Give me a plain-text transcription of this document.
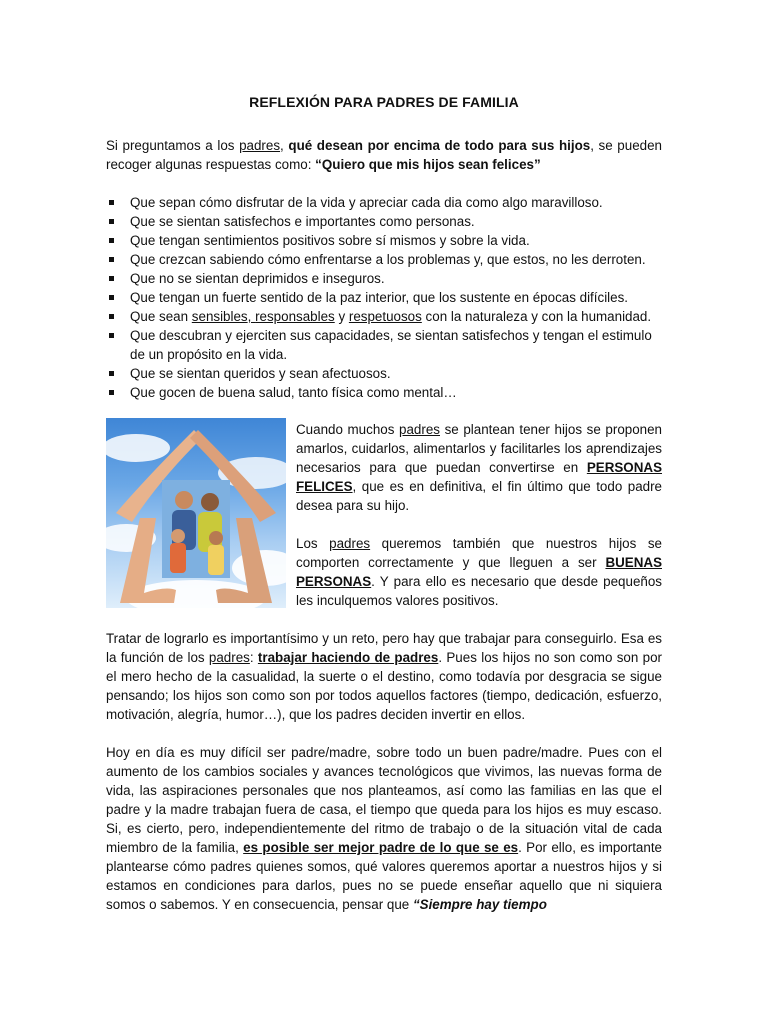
REFLEXIÓN PARA PADRES DE FAMILIA

Si preguntamos a los padres, qué desean por encima de todo para sus hijos, se pueden recoger algunas respuestas como: “Quiero que mis hijos sean felices”

Que sepan cómo disfrutar de la vida y apreciar cada dia como algo maravilloso.
Que se sientan satisfechos e importantes como personas.
Que tengan sentimientos positivos sobre sí mismos y sobre la vida.
Que crezcan sabiendo cómo enfrentarse a los problemas y, que estos, no les derroten.
Que no se sientan deprimidos e inseguros.
Que tengan un fuerte sentido de la paz interior, que los sustente en épocas difíciles.
Que sean sensibles, responsables y respetuosos con la naturaleza y con la humanidad.
Que descubran y ejerciten sus capacidades, se sientan satisfechos y tengan el estimulo de un propósito en la vida.
Que se sientan queridos y sean afectuosos.
Que gocen de buena salud, tanto física como mental…

Cuando muchos padres se plantean tener hijos se proponen amarlos, cuidarlos, alimentarlos y facilitarles los aprendizajes necesarios para que puedan convertirse en PERSONAS FELICES, que es en definitiva, el fin último que todo padre desea para su hijo.

Los padres queremos también que nuestros hijos se comporten correctamente y que lleguen a ser BUENAS PERSONAS. Y para ello es necesario que desde pequeños les inculquemos valores positivos.

Tratar de lograrlo es importantísimo y un reto, pero hay que trabajar para conseguirlo. Esa es la función de los padres: trabajar haciendo de padres. Pues los hijos no son como son por el mero hecho de la casualidad, la suerte o el destino, como todavía por desgracia se sigue pensando; los hijos son como son por todos aquellos factores (tiempo, dedicación, esfuerzo, motivación, alegría, humor…), que los padres deciden invertir en ellos.

Hoy en día es muy difícil ser padre/madre, sobre todo un buen padre/madre. Pues con el aumento de los cambios sociales y avances tecnológicos que vivimos, las nuevas forma de vida, las aspiraciones personales que nos planteamos, así como las familias en las que el padre y la madre trabajan fuera de casa, el tiempo que queda para los hijos es muy escaso. Si, es cierto, pero, independientemente del ritmo de trabajo o de la situación vital de cada miembro de la familia, es posible ser mejor padre de lo que se es. Por ello, es importante plantearse cómo padres quienes somos, qué valores queremos aportar a nuestros hijos y si estamos en condiciones para darlos, pues no se puede enseñar aquello que ni siquiera somos o sabemos. Y en consecuencia, pensar que “Siempre hay tiempo
